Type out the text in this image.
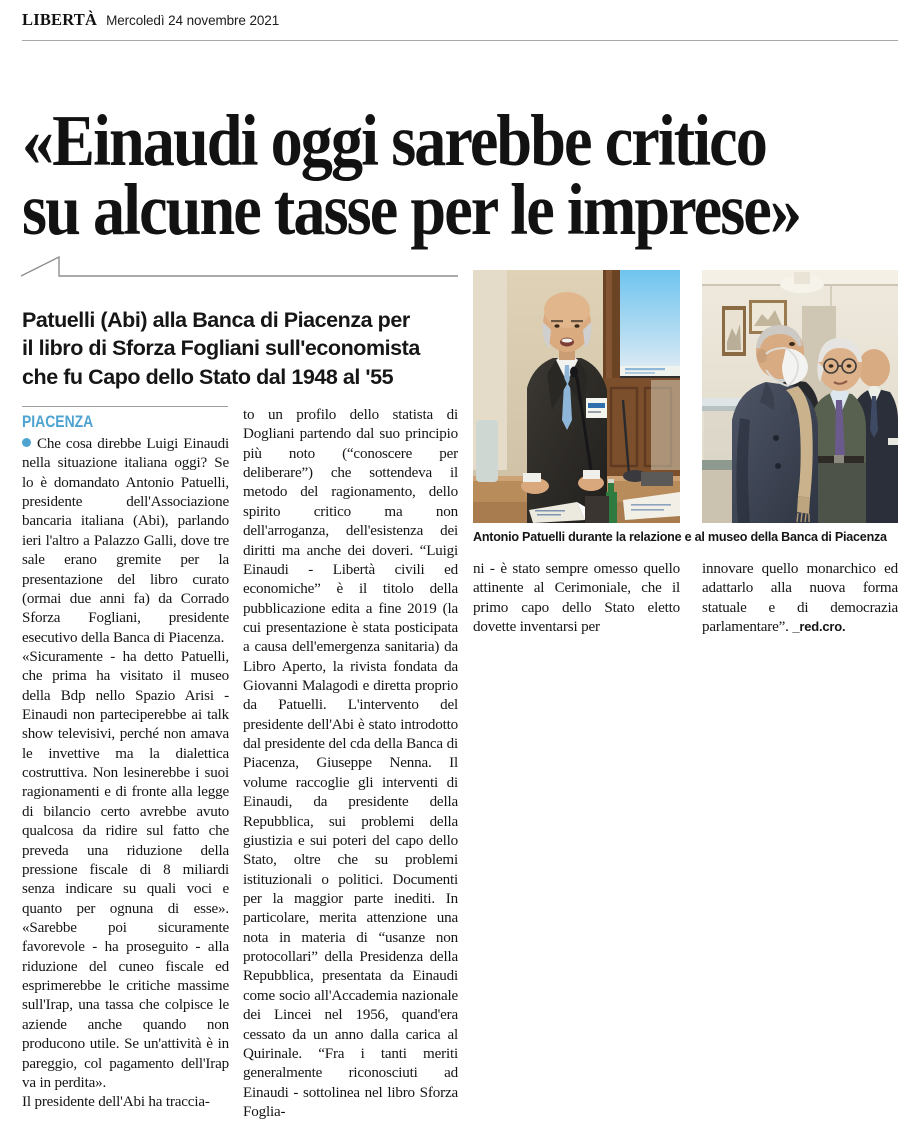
LIBERTÀ Mercoledì 24 novembre 2021
«Einaudi oggi sarebbe critico
su alcune tasse per le imprese»
Patuelli (Abi) alla Banca di Piacenza per
il libro di Sforza Fogliani sull'economista
che fu Capo dello Stato dal 1948 al '55
PIACENZA

Che cosa direbbe Luigi Einaudi nella situazione italiana oggi? Se lo è domandato Antonio Patuelli, presidente dell'Associazione bancaria italiana (Abi), parlando ieri l'altro a Palazzo Galli, dove tre sale erano gremite per la presentazione del libro curato (ormai due anni fa) da Corrado Sforza Fogliani, presidente esecutivo della Banca di Piacenza.

«Sicuramente - ha detto Patuelli, che prima ha visitato il museo della Bdp nello Spazio Arisi - Einaudi non parteciperebbe ai talk show televisivi, perché non amava le invettive ma la dialettica costruttiva. Non lesinerebbe i suoi ragionamenti e di fronte alla legge di bilancio certo avrebbe avuto qualcosa da ridire sul fatto che preveda una riduzione della pressione fiscale di 8 miliardi senza indicare su quali voci e quanto per ognuna di esse». «Sarebbe poi sicuramente favorevole - ha proseguito - alla riduzione del cuneo fiscale ed esprimerebbe le critiche massime sull'Irap, una tassa che colpisce le aziende anche quando non producono utile. Se un'attività è in pareggio, col pagamento dell'Irap va in perdita».

Il presidente dell'Abi ha traccia-

to un profilo dello statista di Dogliani partendo dal suo principio più noto (“conoscere per deliberare”) che sottendeva il metodo del ragionamento, dello spirito critico ma non dell'arroganza, dell'esistenza dei diritti ma anche dei doveri. “Luigi Einaudi - Libertà civili ed economiche” è il titolo della pubblicazione edita a fine 2019 (la cui presentazione è stata posticipata a causa dell'emergenza sanitaria) da Libro Aperto, la rivista fondata da Giovanni Malagodi e diretta proprio da Patuelli. L'intervento del presidente dell'Abi è stato introdotto dal presidente del cda della Banca di Piacenza, Giuseppe Nenna. Il volume raccoglie gli interventi di Einaudi, da presidente della Repubblica, sui problemi della giustizia e sui poteri del capo dello Stato, oltre che su problemi istituzionali o politici. Documenti per la maggior parte inediti. In particolare, merita attenzione una nota in materia di “usanze non protocollari” della Presidenza della Repubblica, presentata da Einaudi come socio all'Accademia nazionale dei Lincei nel 1956, quand'era cessato da un anno dalla carica al Quirinale. “Fra i tanti meriti generalmente riconosciuti ad Einaudi - sottolinea nel libro Sforza Foglia-

Antonio Patuelli durante la relazione e al museo della Banca di Piacenza

ni - è stato sempre omesso quello attinente al Cerimoniale, che il primo capo dello Stato eletto dovette inventarsi per

innovare quello monarchico ed adattarlo alla nuova forma statuale e di democrazia parlamentare”. _red.cro.
